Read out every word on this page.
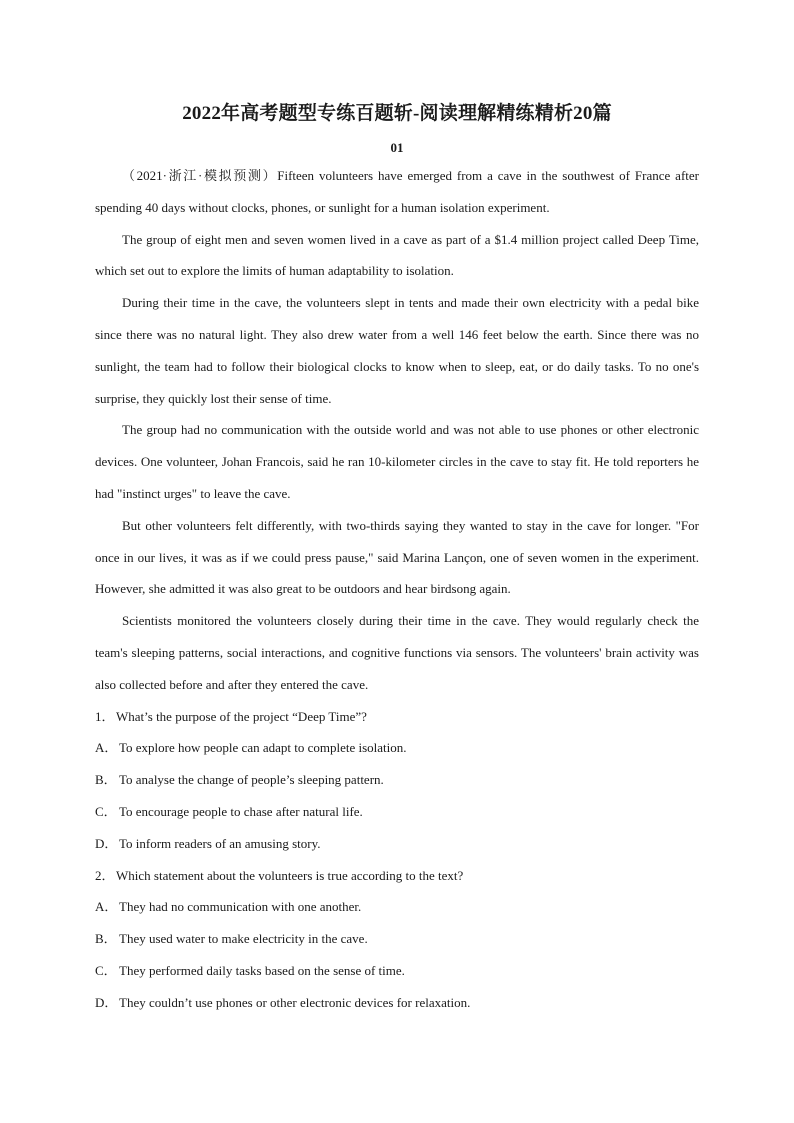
2022年高考题型专练百题斩-阅读理解精练精析20篇
01

（2021·浙江·模拟预测）Fifteen volunteers have emerged from a cave in the southwest of France after spending 40 days without clocks, phones, or sunlight for a human isolation experiment.

The group of eight men and seven women lived in a cave as part of a $1.4 million project called Deep Time, which set out to explore the limits of human adaptability to isolation.

During their time in the cave, the volunteers slept in tents and made their own electricity with a pedal bike since there was no natural light. They also drew water from a well 146 feet below the earth. Since there was no sunlight, the team had to follow their biological clocks to know when to sleep, eat, or do daily tasks. To no one's surprise, they quickly lost their sense of time.

The group had no communication with the outside world and was not able to use phones or other electronic devices. One volunteer, Johan Francois, said he ran 10-kilometer circles in the cave to stay fit. He told reporters he had "instinct urges" to leave the cave.

But other volunteers felt differently, with two-thirds saying they wanted to stay in the cave for longer. "For once in our lives, it was as if we could press pause," said Marina Lançon, one of seven women in the experiment. However, she admitted it was also great to be outdoors and hear birdsong again.

Scientists monitored the volunteers closely during their time in the cave. They would regularly check the team's sleeping patterns, social interactions, and cognitive functions via sensors. The volunteers' brain activity was also collected before and after they entered the cave.

1．What’s the purpose of the project “Deep Time”?

A． To explore how people can adapt to complete isolation.

B． To analyse the change of people’s sleeping pattern.

C． To encourage people to chase after natural life.

D． To inform readers of an amusing story.

2．Which statement about the volunteers is true according to the text?

A． They had no communication with one another.

B． They used water to make electricity in the cave.

C． They performed daily tasks based on the sense of time.

D． They couldn’t use phones or other electronic devices for relaxation.
